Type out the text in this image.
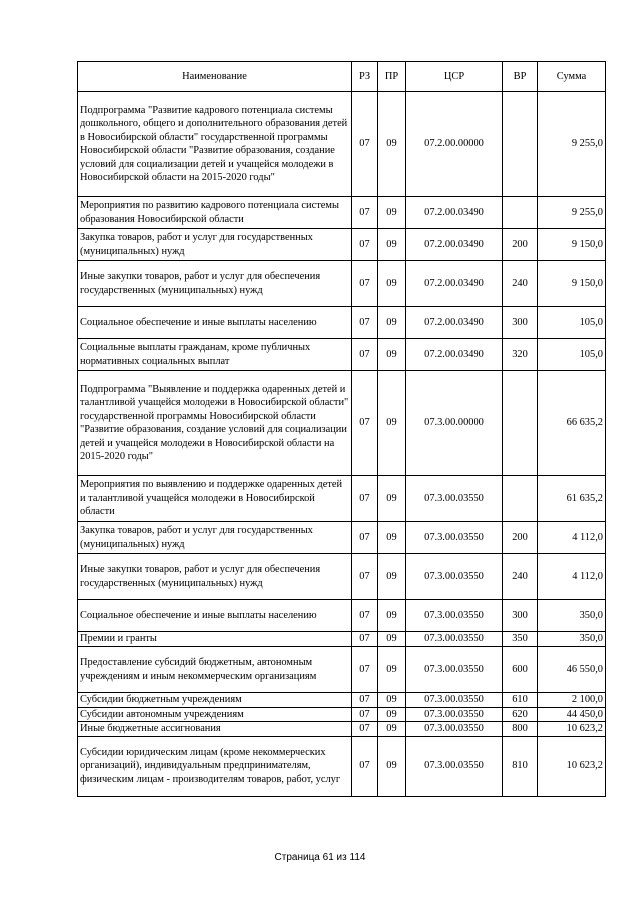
Наименование	РЗ	ПР	ЦСР	ВР	Сумма
Подпрограмма "Развитие кадрового потенциала системы дошкольного, общего и дополнительного образования детей в Новосибирской области" государственной программы Новосибирской области "Развитие образования, создание условий для социализации детей и учащейся молодежи в Новосибирской области на 2015-2020 годы"	07	09	07.2.00.00000		9 255,0
Мероприятия по развитию кадрового потенциала системы образования Новосибирской области	07	09	07.2.00.03490		9 255,0
Закупка товаров, работ и услуг для государственных (муниципальных) нужд	07	09	07.2.00.03490	200	9 150,0
Иные закупки товаров, работ и услуг для обеспечения государственных (муниципальных) нужд	07	09	07.2.00.03490	240	9 150,0
Социальное обеспечение и иные выплаты населению	07	09	07.2.00.03490	300	105,0
Социальные выплаты гражданам, кроме публичных нормативных социальных выплат	07	09	07.2.00.03490	320	105,0
Подпрограмма "Выявление и поддержка одаренных детей и талантливой учащейся молодежи в Новосибирской области" государственной программы Новосибирской области "Развитие образования, создание условий для социализации детей и учащейся молодежи в Новосибирской области на 2015-2020 годы"	07	09	07.3.00.00000		66 635,2
Мероприятия по выявлению и поддержке одаренных детей и талантливой учащейся молодежи в Новосибирской области	07	09	07.3.00.03550		61 635,2
Закупка товаров, работ и услуг для государственных (муниципальных) нужд	07	09	07.3.00.03550	200	4 112,0
Иные закупки товаров, работ и услуг для обеспечения государственных (муниципальных) нужд	07	09	07.3.00.03550	240	4 112,0
Социальное обеспечение и иные выплаты населению	07	09	07.3.00.03550	300	350,0
Премии и гранты	07	09	07.3.00.03550	350	350,0
Предоставление субсидий бюджетным, автономным учреждениям и иным некоммерческим организациям	07	09	07.3.00.03550	600	46 550,0
Субсидии бюджетным учреждениям	07	09	07.3.00.03550	610	2 100,0
Субсидии автономным учреждениям	07	09	07.3.00.03550	620	44 450,0
Иные бюджетные ассигнования	07	09	07.3.00.03550	800	10 623,2
Субсидии юридическим лицам (кроме некоммерческих организаций), индивидуальным предпринимателям, физическим лицам - производителям товаров, работ, услуг	07	09	07.3.00.03550	810	10 623,2
Страница 61 из 114
